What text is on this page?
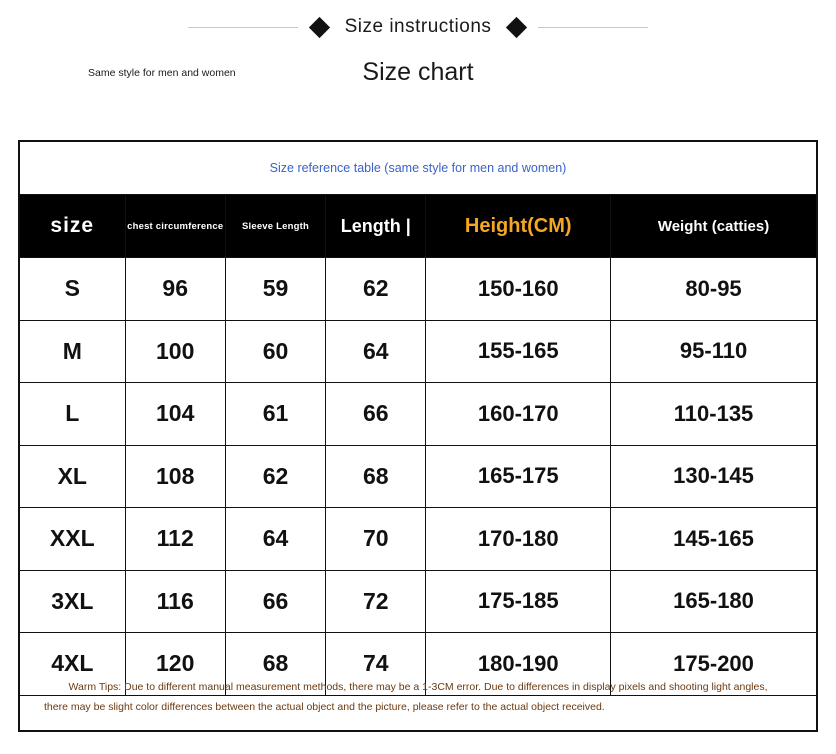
Size instructions
Size chart
Same style for men and women
Size reference table (same style for men and women)
size	chest circumference	Sleeve Length	Length |	Height(CM)	Weight (catties)
S	96	59	62	150-160	80-95
M	100	60	64	155-165	95-110
L	104	61	66	160-170	110-135
XL	108	62	68	165-175	130-145
XXL	112	64	70	170-180	145-165
3XL	116	66	72	175-185	165-180
4XL	120	68	74	180-190	175-200

Warm Tips: Due to different manual measurement methods, there may be a 1-3CM error. Due to differences in display pixels and shooting light angles,

there may be slight color differences between the actual object and the picture, please refer to the actual object received.
